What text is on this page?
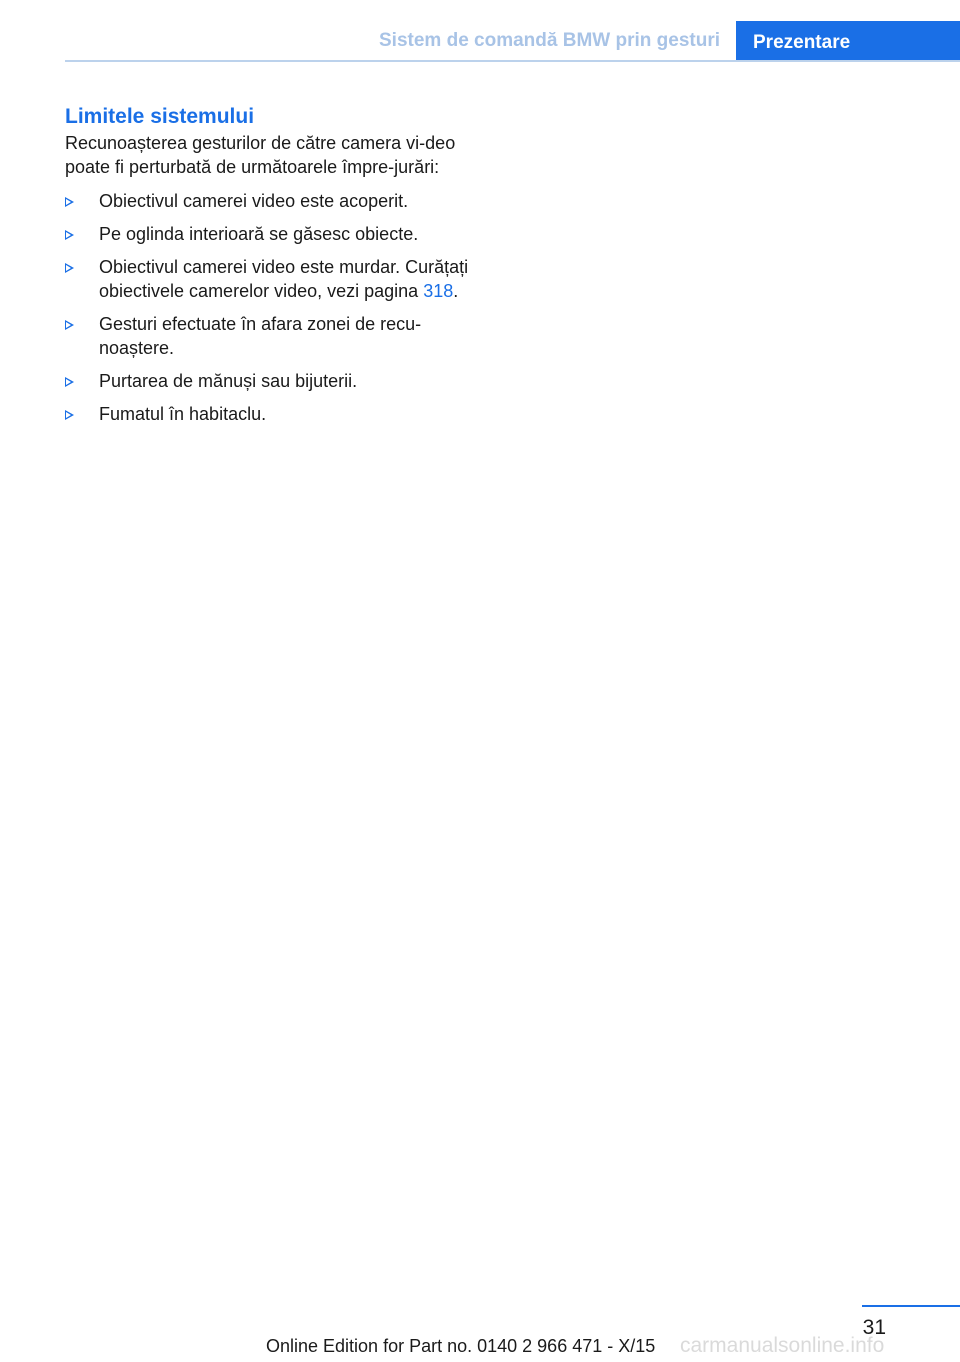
Sistem de comandă BMW prin gesturi	Prezentare
Limitele sistemului

Recunoașterea gesturilor de către camera vi‐deo poate fi perturbată de următoarele împre‐jurări:

Obiectivul camerei video este acoperit.
Pe oglinda interioară se găsesc obiecte.
Obiectivul camerei video este murdar. Curățați obiectivele camerelor video, vezi pagina 318.
Gesturi efectuate în afara zonei de recu‐noaștere.
Purtarea de mănuși sau bijuterii.
Fumatul în habitaclu.
31
Online Edition for Part no. 0140 2 966 471 - X/15 carmanualsonline.info
